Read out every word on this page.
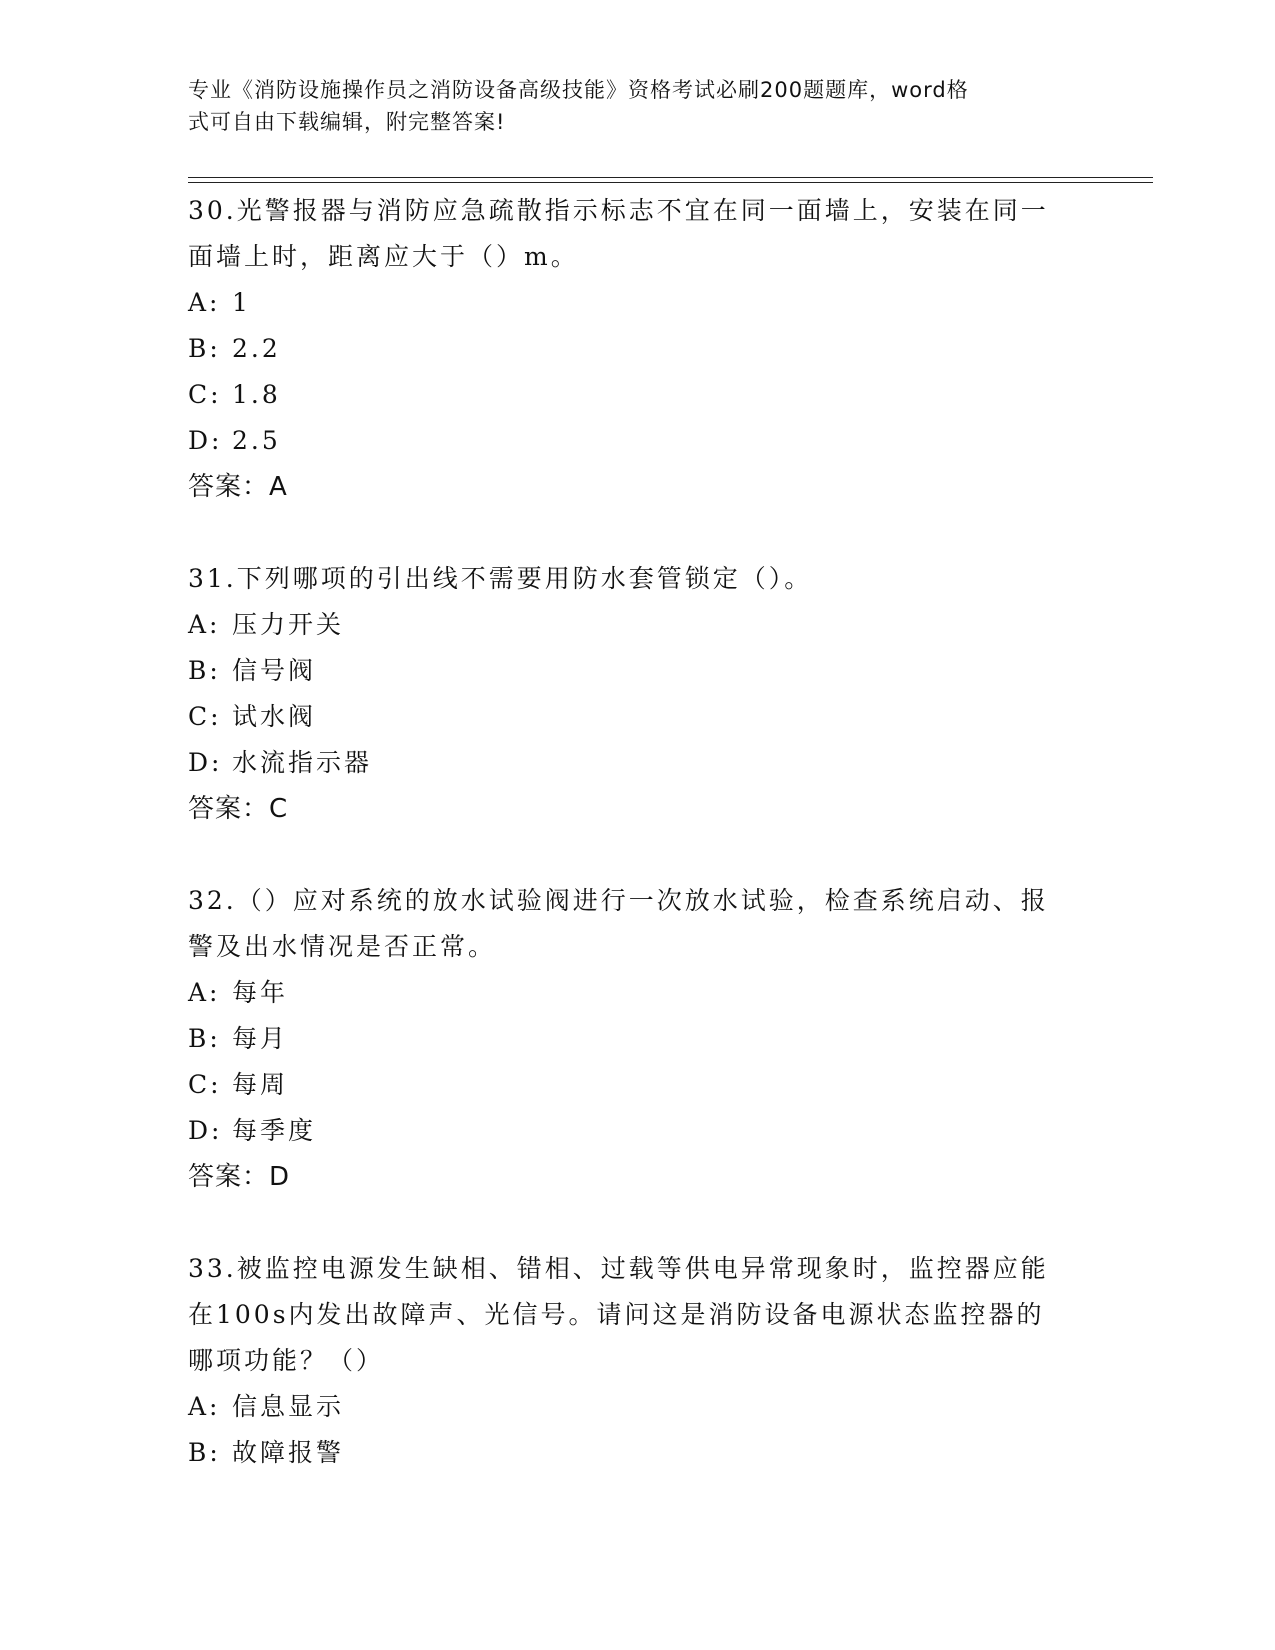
专业《消防设施操作员之消防设备高级技能》资格考试必刷200题题库，word格
式可自由下载编辑，附完整答案!
30.光警报器与消防应急疏散指示标志不宜在同一面墙上，安装在同一
面墙上时，距离应大于（）m。
A: 1
B: 2.2
C: 1.8
D: 2.5
答案：A
31.下列哪项的引出线不需要用防水套管锁定（）。
A: 压力开关
B: 信号阀
C: 试水阀
D: 水流指示器
答案：C
32.（）应对系统的放水试验阀进行一次放水试验，检查系统启动、报
警及出水情况是否正常。
A: 每年
B: 每月
C: 每周
D: 每季度
答案：D
33.被监控电源发生缺相、错相、过载等供电异常现象时，监控器应能
在100s内发出故障声、光信号。请问这是消防设备电源状态监控器的
哪项功能？（）
A: 信息显示
B: 故障报警
